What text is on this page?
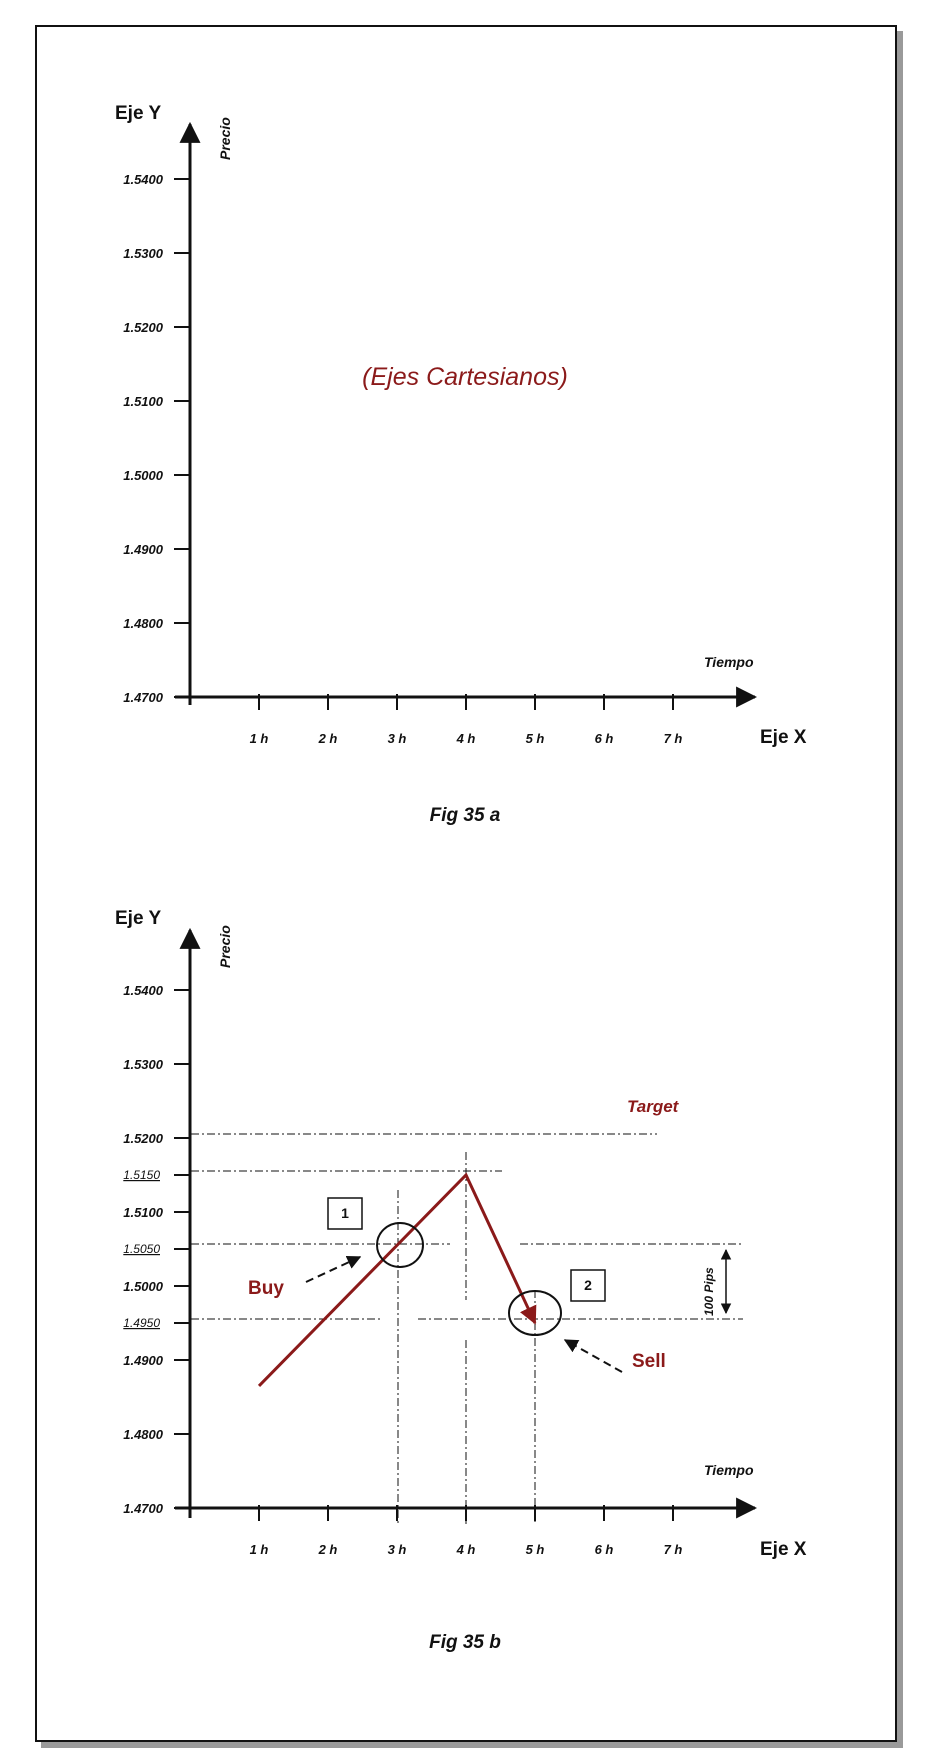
1.4700
1.4800
1.4900
1.5000
1.5100
1.5200
1.5300
1.5400
1 h	2 h	3 h	4 h	5 h	6 h	7 h
Eje Y
Precio
Tiempo
Eje X
(Ejes Cartesianos)
Fig 35 a
1.4700
1.4800
1.4900
1.5000
1.5100
1.5200
1.5300
1.5400
1.5150
1.5050
1.4950
1 h	2 h	3 h	4 h	5 h	6 h	7 h
100 Pips
1
2
Target
Buy
Sell
Eje Y
Precio
Tiempo
Eje X
Fig 35 b
